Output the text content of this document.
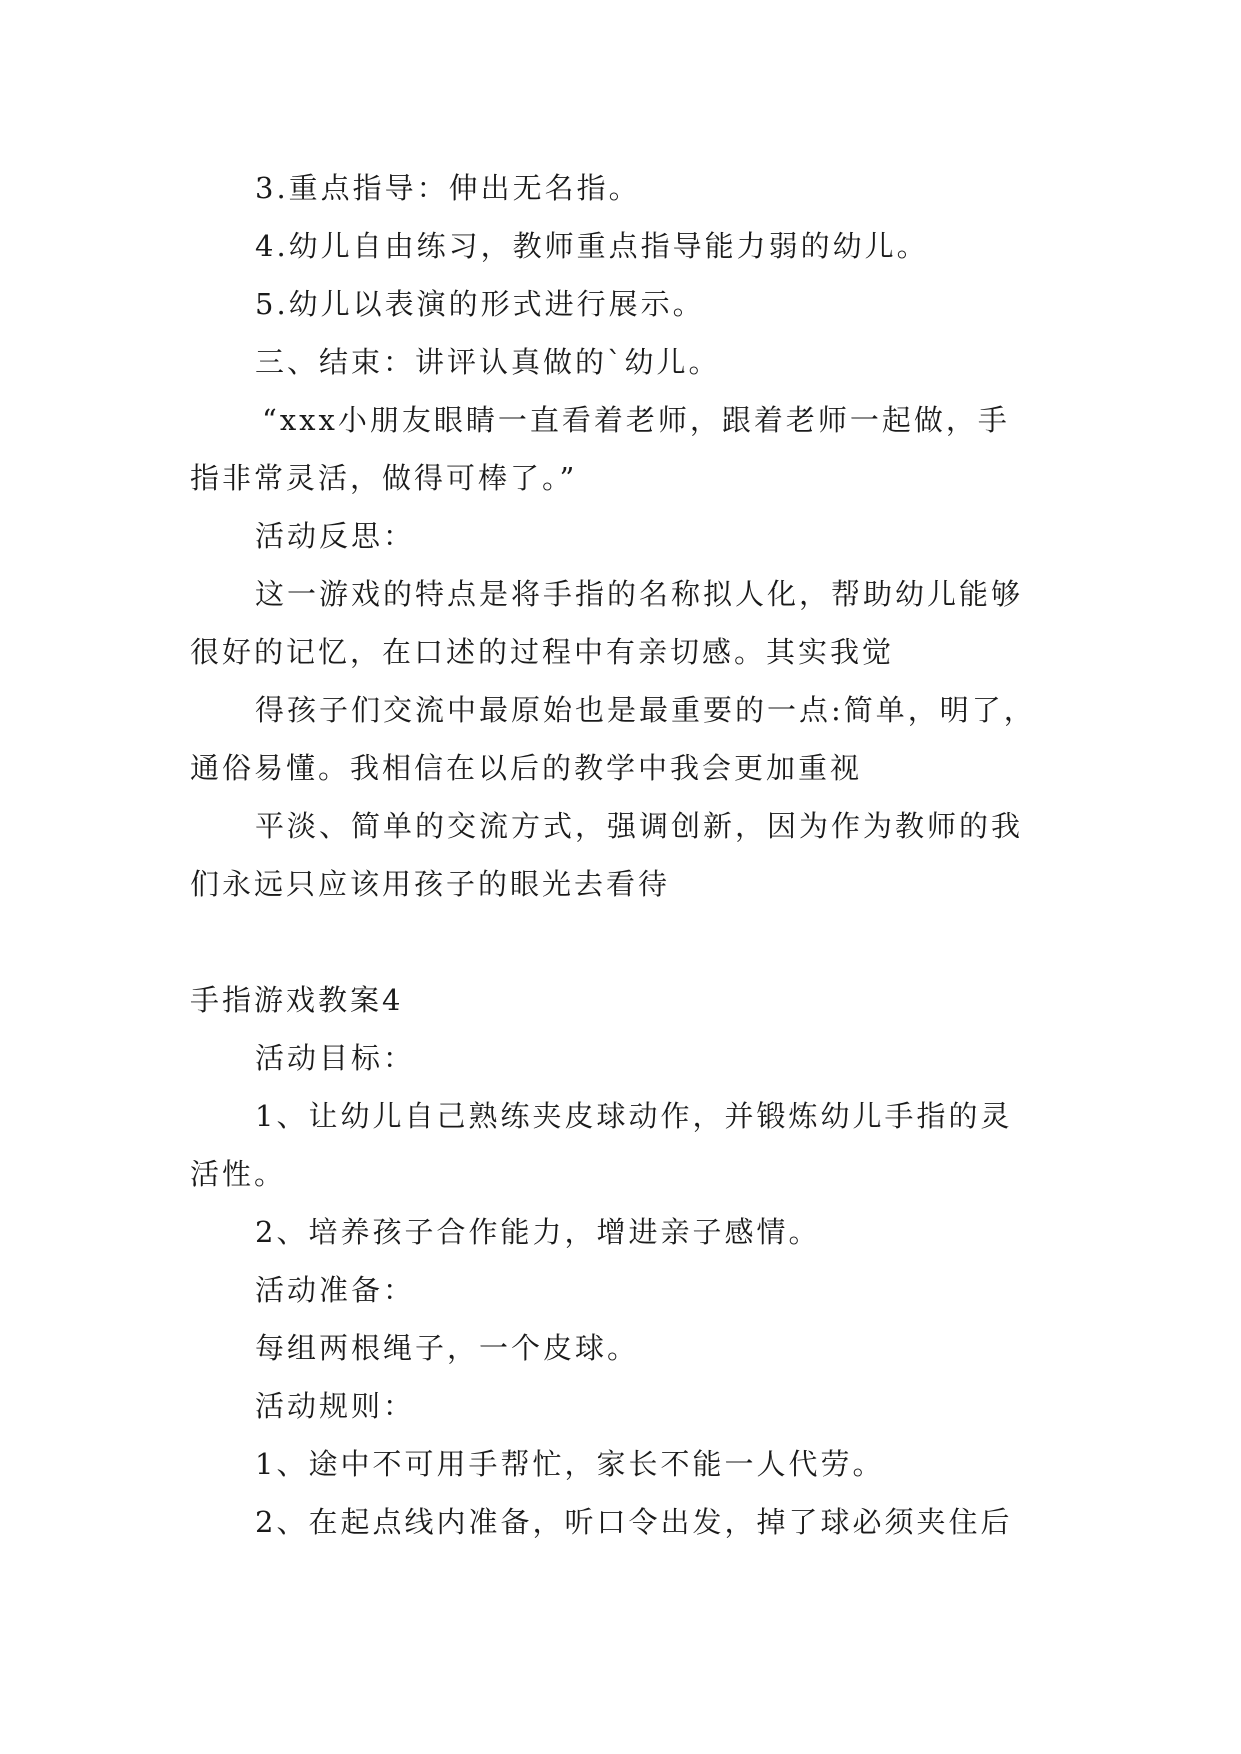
3.重点指导：伸出无名指。
4.幼儿自由练习，教师重点指导能力弱的幼儿。
5.幼儿以表演的形式进行展示。
三、结束：讲评认真做的`幼儿。
“xxx小朋友眼睛一直看着老师，跟着老师一起做，手
指非常灵活，做得可棒了。”
活动反思：
这一游戏的特点是将手指的名称拟人化，帮助幼儿能够
很好的记忆，在口述的过程中有亲切感。其实我觉
得孩子们交流中最原始也是最重要的一点:简单，明了，
通俗易懂。我相信在以后的教学中我会更加重视
平淡、简单的交流方式，强调创新，因为作为教师的我
们永远只应该用孩子的眼光去看待
手指游戏教案4
活动目标：
1、让幼儿自己熟练夹皮球动作，并锻炼幼儿手指的灵
活性。
2、培养孩子合作能力，增进亲子感情。
活动准备：
每组两根绳子，一个皮球。
活动规则：
1、途中不可用手帮忙，家长不能一人代劳。
2、在起点线内准备，听口令出发，掉了球必须夹住后
